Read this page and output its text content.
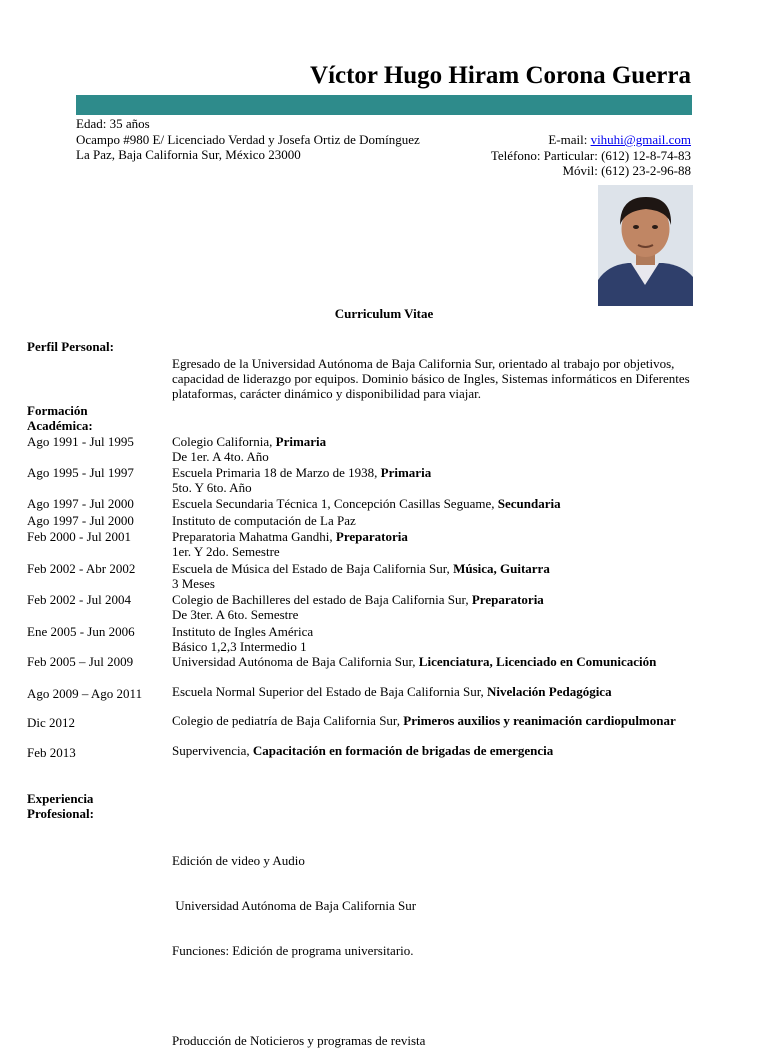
Víctor Hugo Hiram Corona Guerra
Edad: 35 años
Ocampo #980 E/ Licenciado Verdad y Josefa Ortiz de Domínguez
La Paz, Baja California Sur, México 23000
E-mail: vihuhi@gmail.com
Teléfono: Particular: (612) 12-8-74-83
Móvil: (612) 23-2-96-88
Curriculum Vitae
Perfil Personal:
Egresado de la Universidad Autónoma de Baja California Sur, orientado al trabajo por objetivos, capacidad de liderazgo por equipos. Dominio básico de Ingles, Sistemas informáticos en Diferentes plataformas, carácter dinámico y disponibilidad para viajar.
Formación
Académica:
Ago 1991 - Jul 1995	Colegio California, Primaria
De 1er. A 4to. Año
Ago 1995 - Jul 1997	Escuela Primaria 18 de Marzo de 1938, Primaria
5to. Y 6to. Año
Ago 1997 - Jul 2000	Escuela Secundaria Técnica 1, Concepción Casillas Seguame, Secundaria
Ago 1997 - Jul 2000	Instituto de computación de La Paz
Feb 2000 - Jul 2001	Preparatoria Mahatma Gandhi, Preparatoria
1er. Y 2do. Semestre
Feb 2002 - Abr 2002	Escuela de Música del Estado de Baja California Sur, Música, Guitarra
3 Meses
Feb 2002 - Jul 2004	Colegio de Bachilleres del estado de Baja California Sur, Preparatoria
De 3ter. A 6to. Semestre
Ene 2005 - Jun 2006	Instituto de Ingles América
Básico 1,2,3 Intermedio 1
Feb 2005 – Jul 2009	Universidad Autónoma de Baja California Sur, Licenciatura, Licenciado en Comunicación
Ago 2009 – Ago 2011 Escuela Normal Superior del Estado de Baja California Sur, Nivelación Pedagógica
Dic 2012	Colegio de pediatría de Baja California Sur, Primeros auxilios y reanimación cardiopulmonar
Feb 2013	Supervivencia, Capacitación en formación de brigadas de emergencia
Experiencia
Profesional:

Edición de video y Audio

Universidad Autónoma de Baja California Sur

Funciones: Edición de programa universitario.

Producción de Noticieros y programas de revista
